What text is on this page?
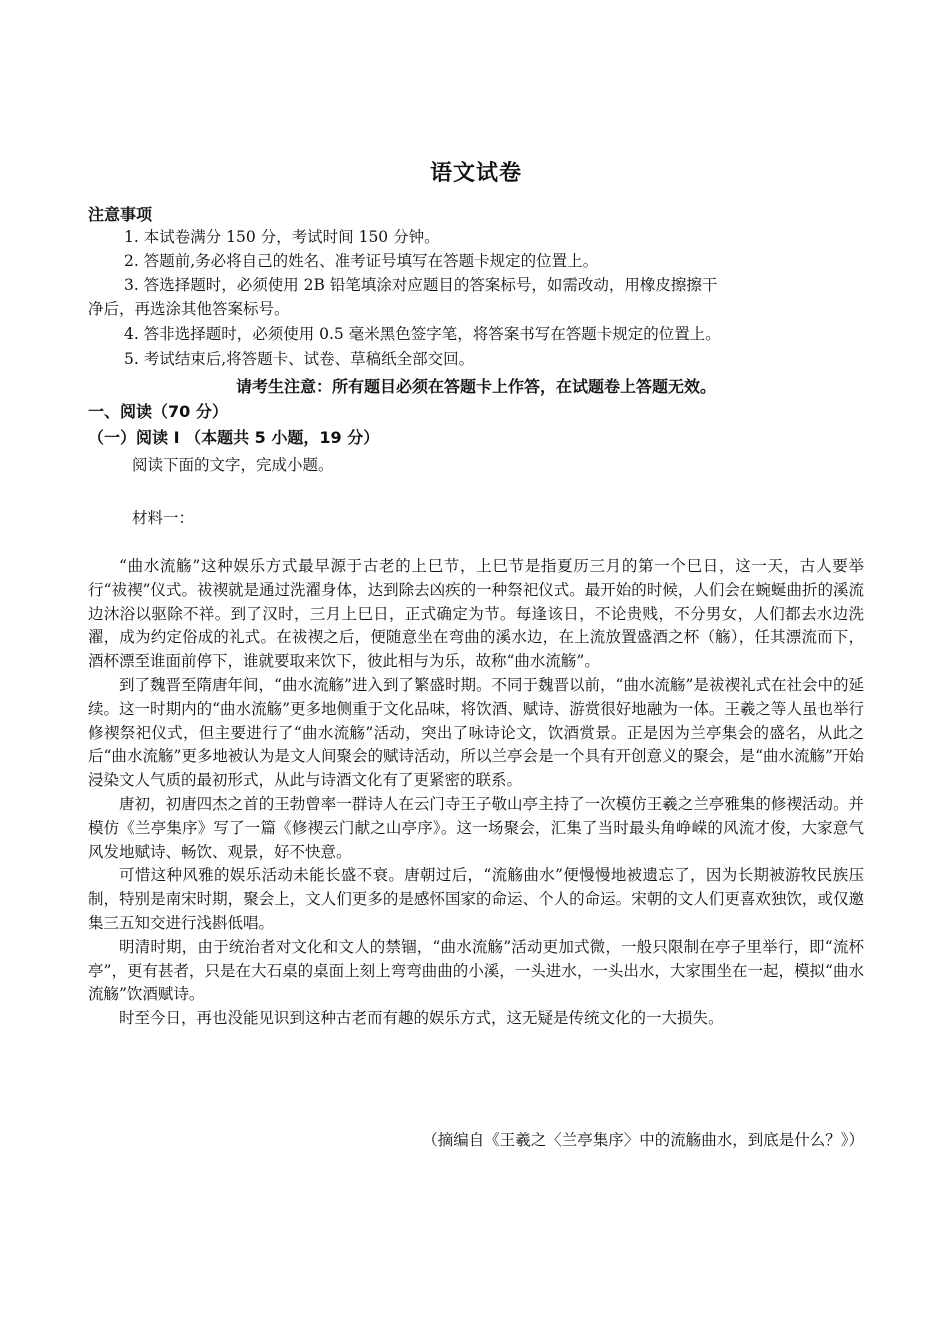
语文试卷
注意事项
1. 本试卷满分 150 分，考试时间 150 分钟。
2. 答题前,务必将自己的姓名、准考证号填写在答题卡规定的位置上。
3. 答选择题时，必须使用 2B 铅笔填涂对应题目的答案标号，如需改动，用橡皮擦擦干
净后，再选涂其他答案标号。
4. 答非选择题时，必须使用 0.5 毫米黑色签字笔，将答案书写在答题卡规定的位置上。
5. 考试结束后,将答题卡、试卷、草稿纸全部交回。
请考生注意：所有题目必须在答题卡上作答，在试题卷上答题无效。
一、阅读（70 分）
（一）阅读 I （本题共 5 小题，19 分）
阅读下面的文字，完成小题。
材料一：

“曲水流觞”这种娱乐方式最早源于古老的上巳节，上巳节是指夏历三月的第一个巳日，这一天，古人要举行“祓禊”仪式。祓禊就是通过洗濯身体，达到除去凶疾的一种祭祀仪式。最开始的时候，人们会在蜿蜒曲折的溪流边沐浴以驱除不祥。到了汉时，三月上巳日，正式确定为节。每逢该日，不论贵贱，不分男女，人们都去水边洗濯，成为约定俗成的礼式。在祓禊之后，便随意坐在弯曲的溪水边，在上流放置盛酒之杯（觞），任其漂流而下，酒杯漂至谁面前停下，谁就要取来饮下，彼此相与为乐，故称“曲水流觞”。

到了魏晋至隋唐年间，“曲水流觞”进入到了繁盛时期。不同于魏晋以前，“曲水流觞”是祓禊礼式在社会中的延续。这一时期内的“曲水流觞”更多地侧重于文化品味，将饮酒、赋诗、游赏很好地融为一体。王羲之等人虽也举行修禊祭祀仪式，但主要进行了“曲水流觞”活动，突出了咏诗论文，饮酒赏景。正是因为兰亭集会的盛名，从此之后“曲水流觞”更多地被认为是文人间聚会的赋诗活动，所以兰亭会是一个具有开创意义的聚会，是“曲水流觞”开始浸染文人气质的最初形式，从此与诗酒文化有了更紧密的联系。

唐初，初唐四杰之首的王勃曾率一群诗人在云门寺王子敬山亭主持了一次模仿王羲之兰亭雅集的修禊活动。并模仿《兰亭集序》写了一篇《修禊云门献之山亭序》。这一场聚会，汇集了当时最头角峥嵘的风流才俊，大家意气风发地赋诗、畅饮、观景，好不快意。

可惜这种风雅的娱乐活动未能长盛不衰。唐朝过后，“流觞曲水”便慢慢地被遗忘了，因为长期被游牧民族压制，特别是南宋时期，聚会上，文人们更多的是感怀国家的命运、个人的命运。宋朝的文人们更喜欢独饮，或仅邀集三五知交进行浅斟低唱。

明清时期，由于统治者对文化和文人的禁锢，“曲水流觞”活动更加式微，一般只限制在亭子里举行，即“流杯亭”，更有甚者，只是在大石桌的桌面上刻上弯弯曲曲的小溪，一头进水，一头出水，大家围坐在一起，模拟“曲水流觞”饮酒赋诗。

时至今日，再也没能见识到这种古老而有趣的娱乐方式，这无疑是传统文化的一大损失。

（摘编自《王羲之〈兰亭集序〉中的流觞曲水，到底是什么？》）
